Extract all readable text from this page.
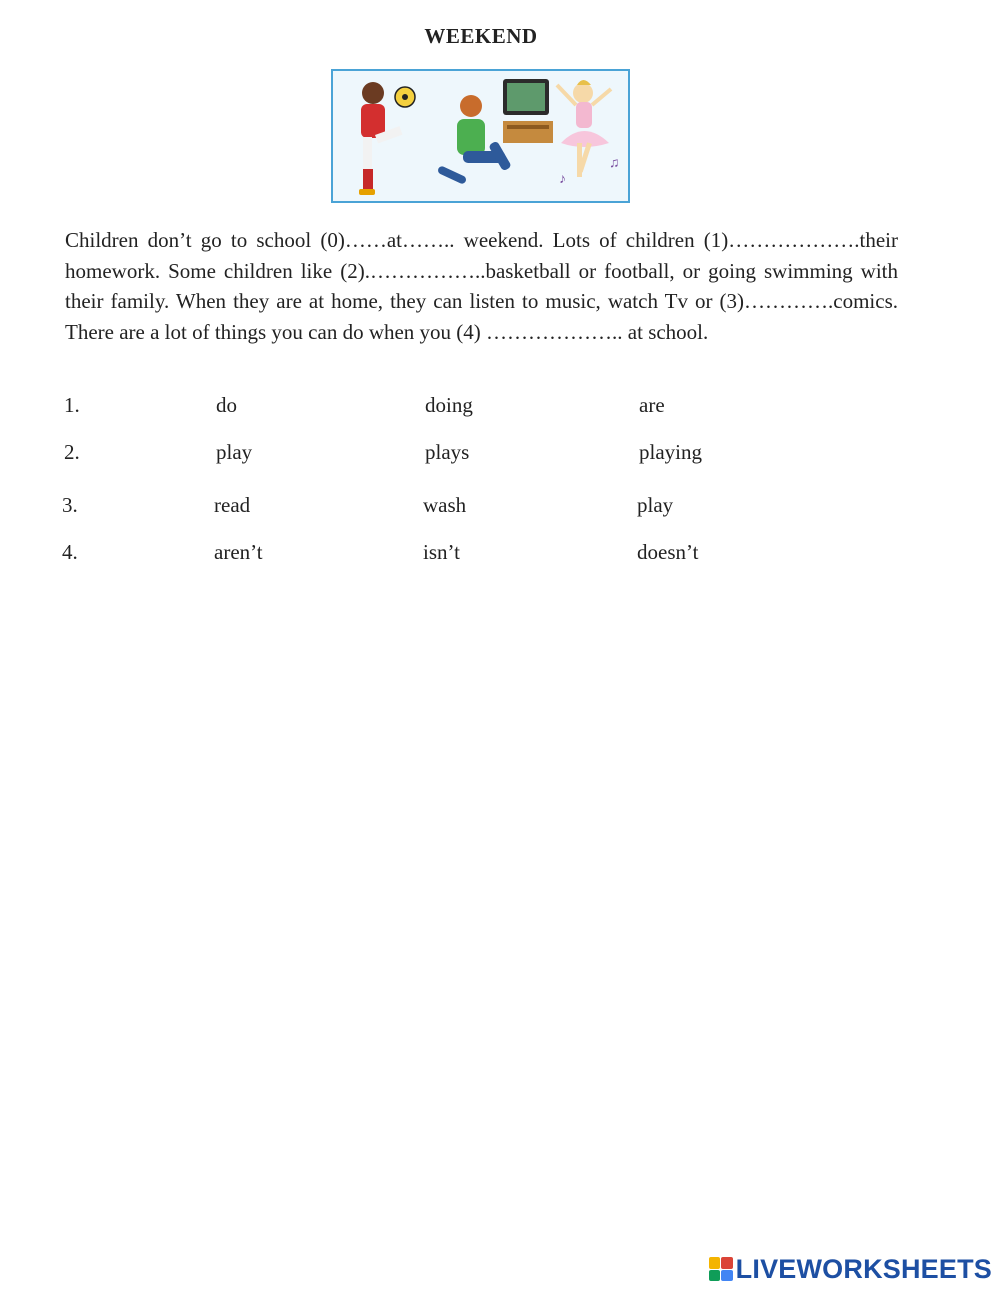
WEEKEND
♪
♫

Children don’t go to school (0)……at…….. weekend. Lots of children (1)……………….their homework. Some children like (2).……………..basketball or football, or going swimming with their family. When they are at home, they can listen to music, watch Tv or (3)………….comics. There are a lot of things you can do when you (4) ……………….. at school.

1.	do	doing	are
2.	play	plays	playing
3.	read	wash	play
4.	aren’t	isn’t	doesn’t
LIVEWORKSHEETS
